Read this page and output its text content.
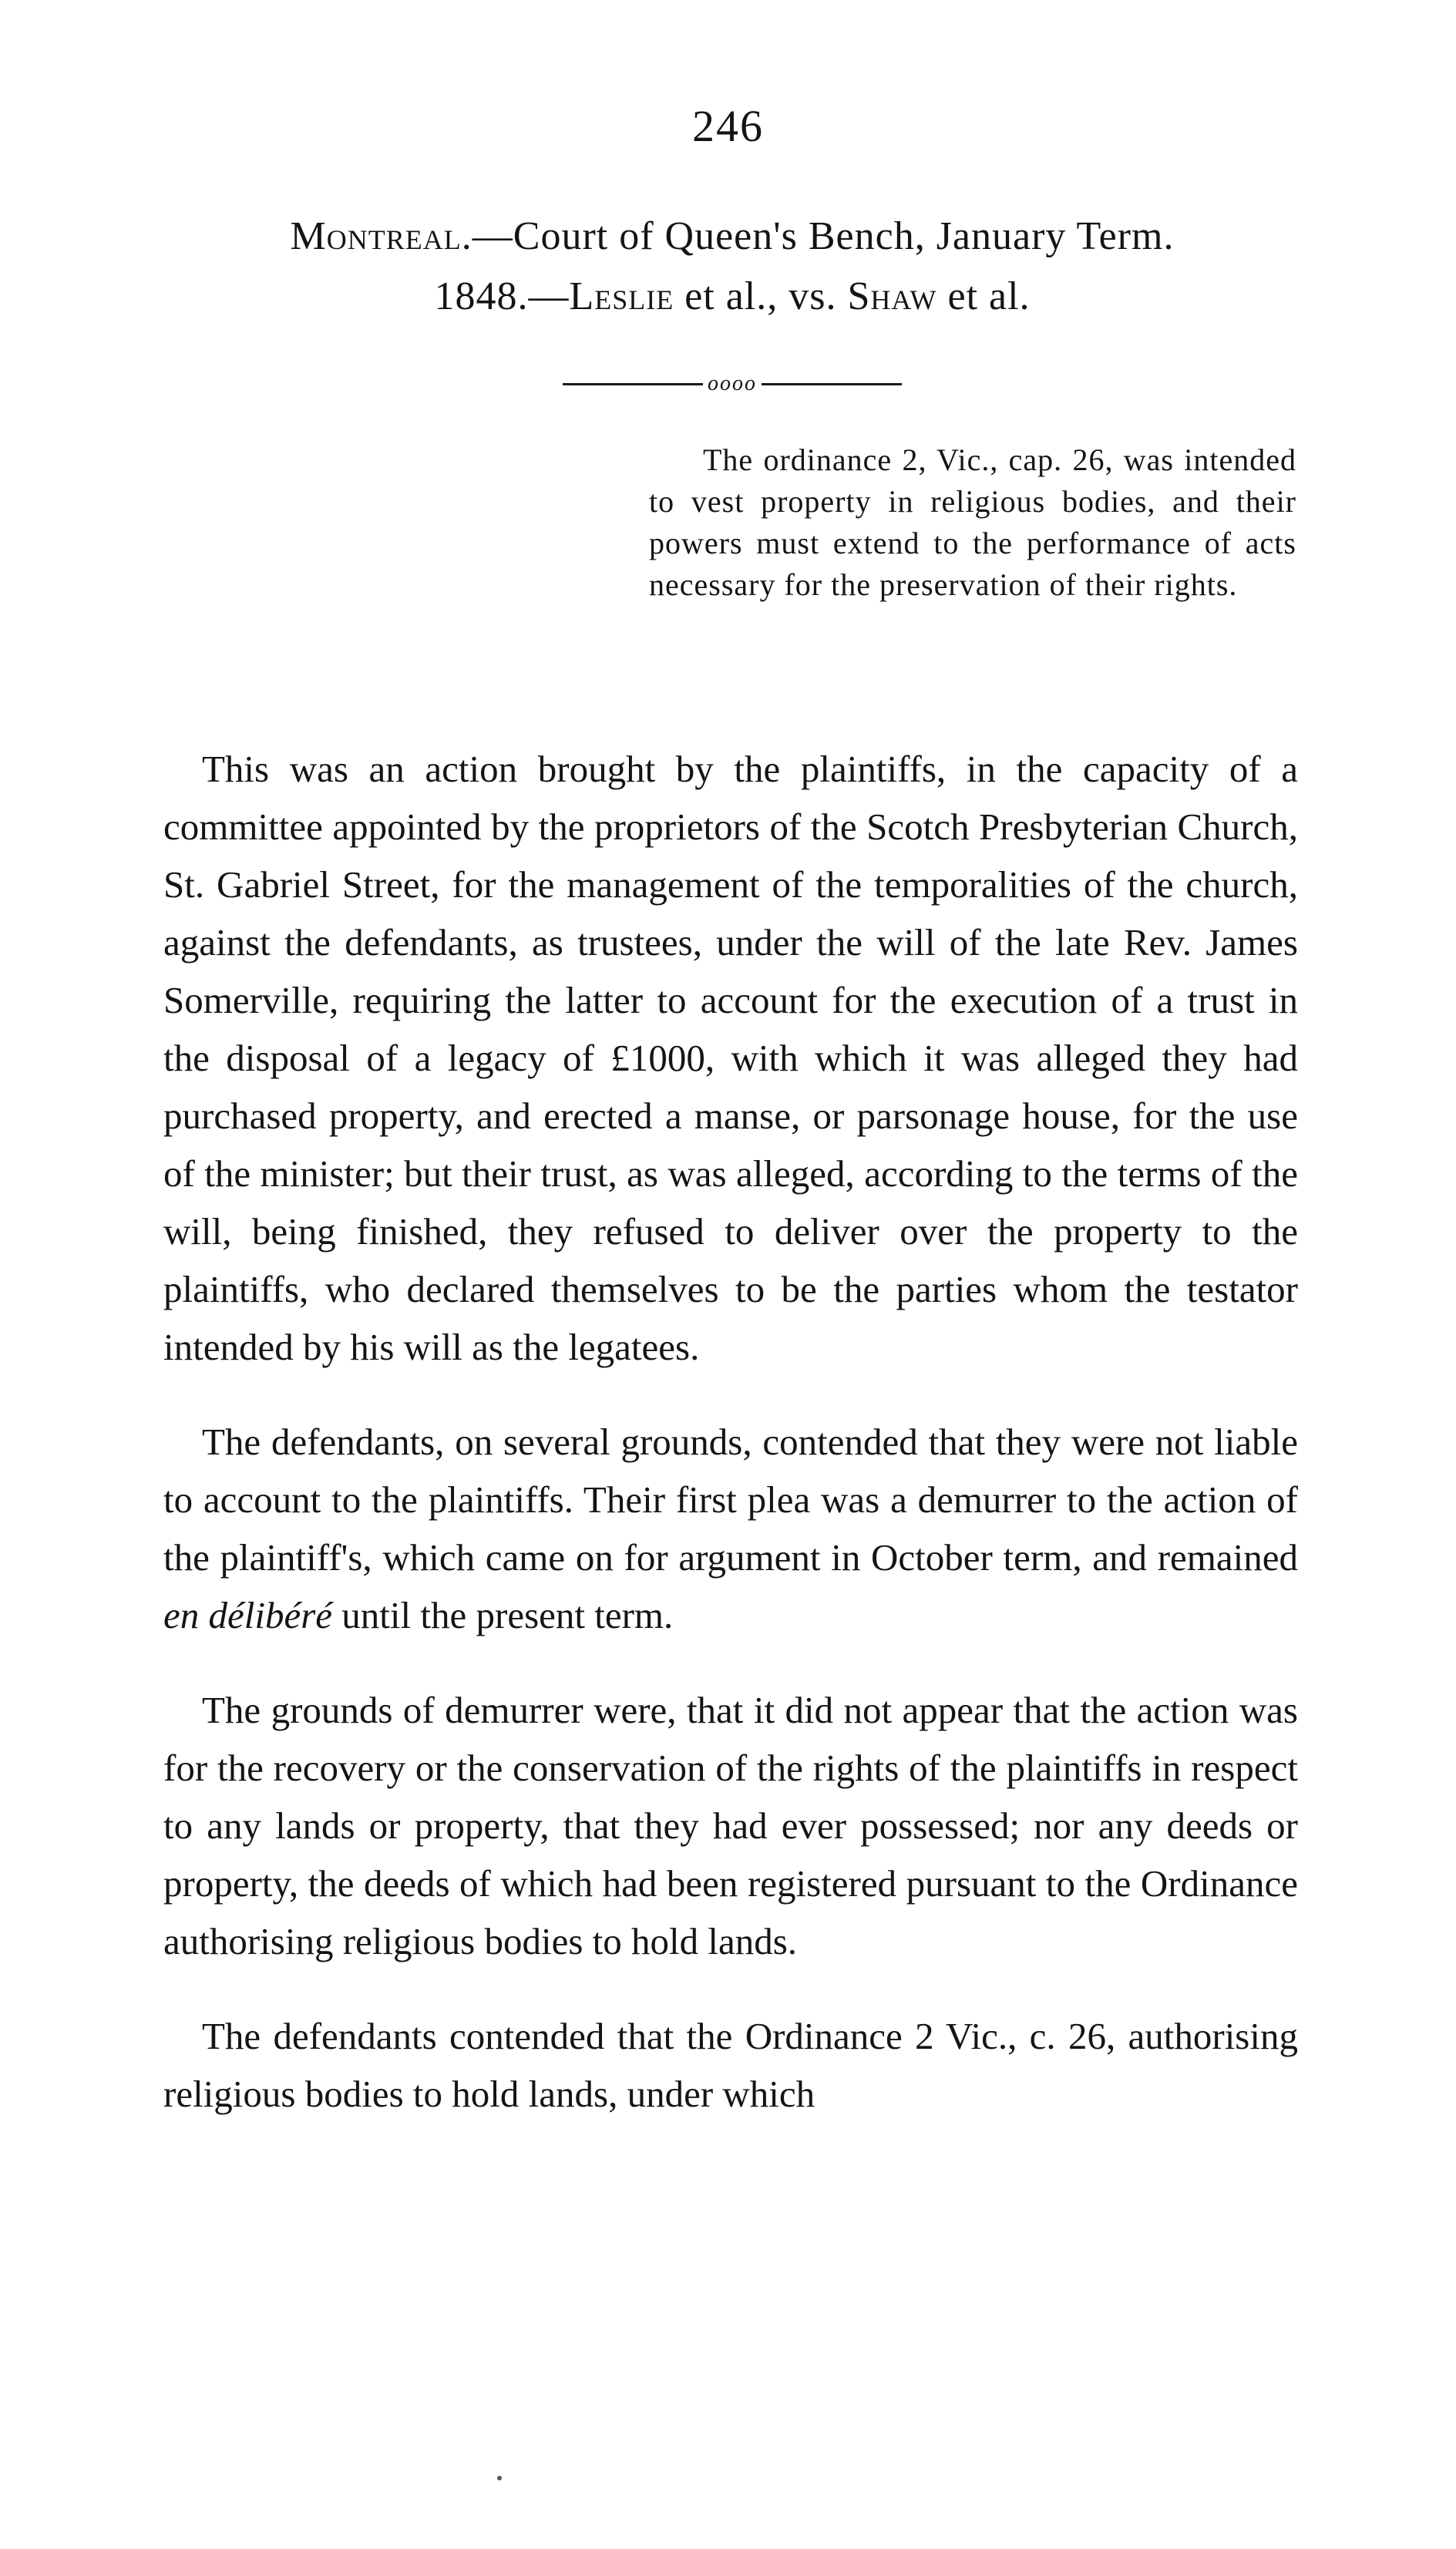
246
Montreal.—Court of Queen's Bench, January Term.
1848.—Leslie et al., vs. Shaw et al.
oooo
The ordinance 2, Vic., cap. 26, was intended to vest property in religious bodies, and their powers must extend to the performance of acts necessary for the preservation of their rights.

This was an action brought by the plaintiffs, in the capacity of a committee appointed by the proprietors of the Scotch Presbyterian Church, St. Gabriel Street, for the management of the temporalities of the church, against the defendants, as trustees, under the will of the late Rev. James Somerville, requiring the latter to account for the execution of a trust in the disposal of a legacy of £1000, with which it was alleged they had purchased property, and erected a manse, or parsonage house, for the use of the minister; but their trust, as was alleged, according to the terms of the will, being finished, they refused to deliver over the property to the plaintiffs, who declared themselves to be the parties whom the testator intended by his will as the legatees.

The defendants, on several grounds, contended that they were not liable to account to the plaintiffs. Their first plea was a demurrer to the action of the plaintiff's, which came on for argument in October term, and remained en délibéré until the present term.

The grounds of demurrer were, that it did not appear that the action was for the recovery or the conservation of the rights of the plaintiffs in respect to any lands or property, that they had ever possessed; nor any deeds or property, the deeds of which had been registered pursuant to the Ordinance authorising religious bodies to hold lands.

The defendants contended that the Ordinance 2 Vic., c. 26, authorising religious bodies to hold lands, under which
